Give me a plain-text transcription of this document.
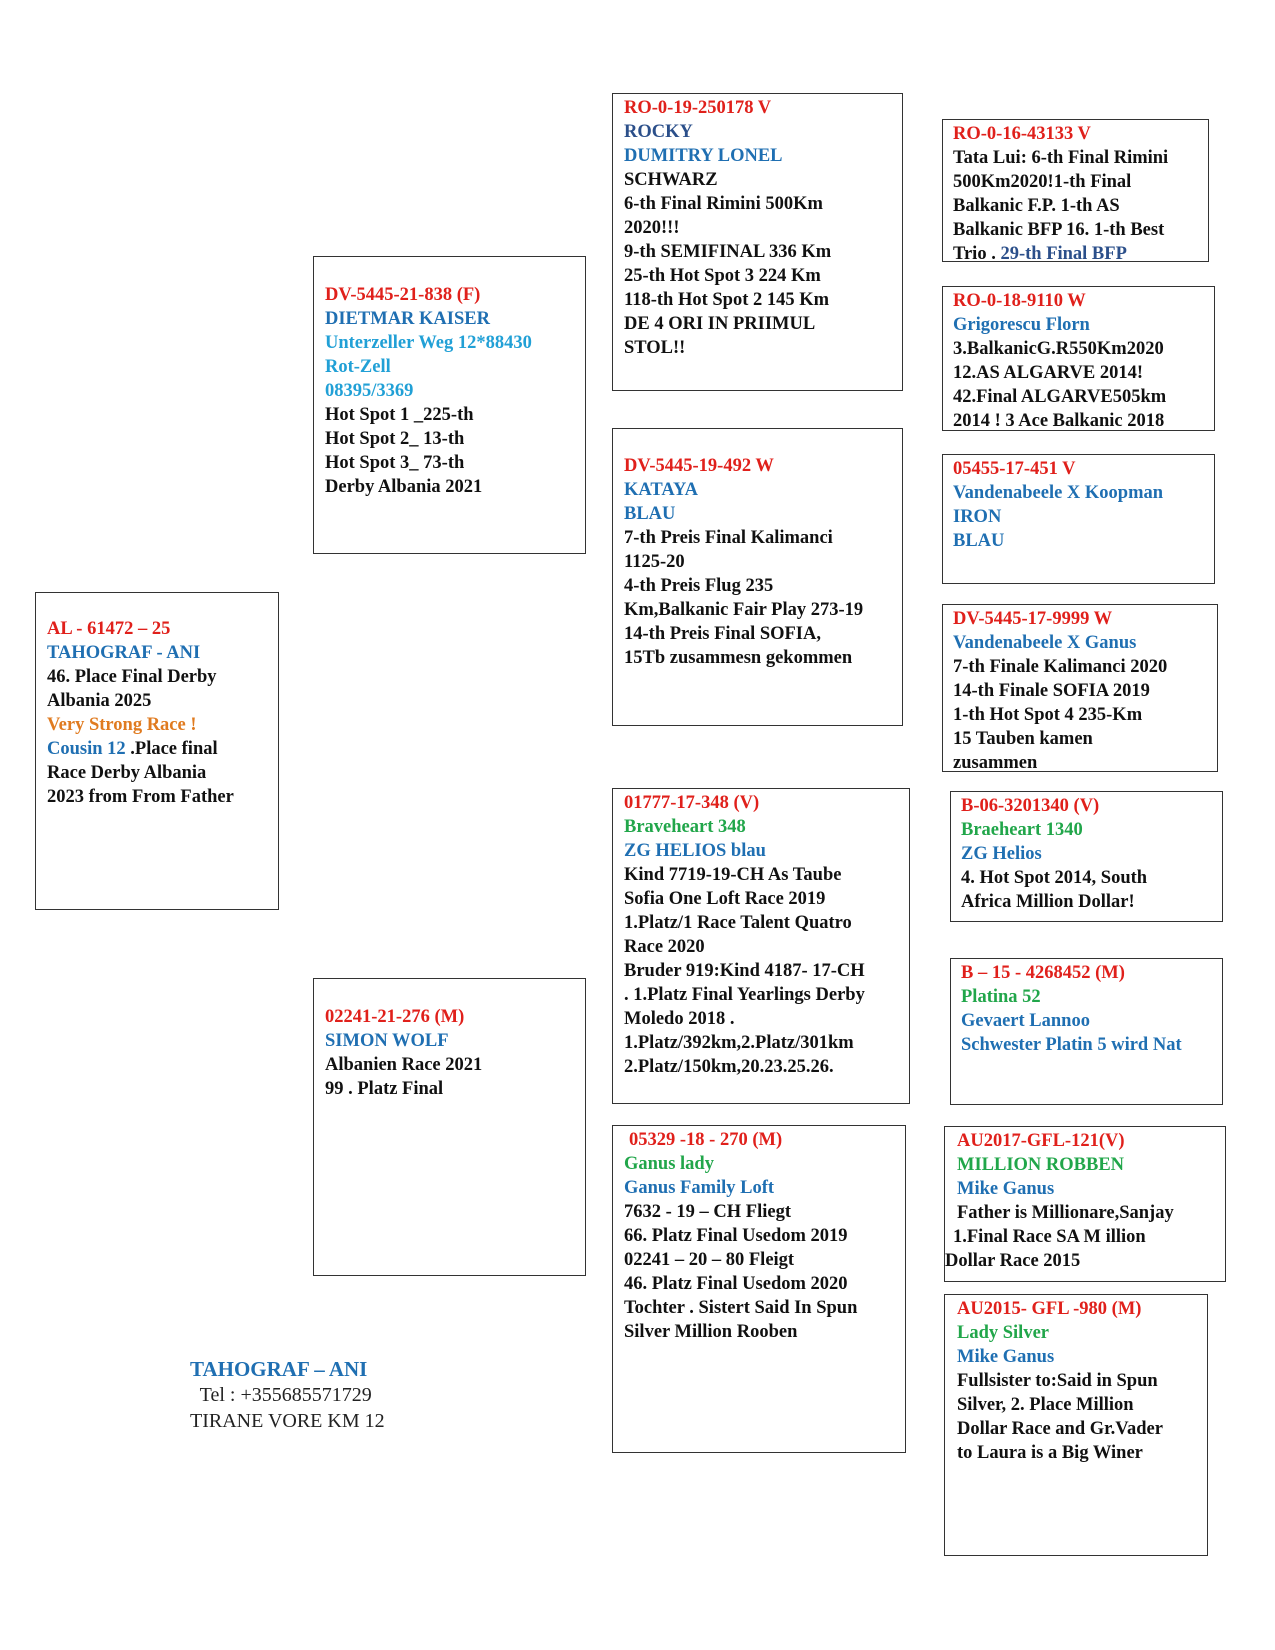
AL - 61472 – 25
TAHOGRAF - ANI
46. Place Final Derby
Albania 2025
Very Strong Race !
Cousin 12 .Place final
Race Derby Albania
2023 from From Father
DV-5445-21-838 (F)
DIETMAR KAISER
Unterzeller Weg 12*88430
Rot-Zell
08395/3369
Hot Spot 1 _225-th
Hot Spot 2_ 13-th
Hot Spot 3_ 73-th
Derby Albania 2021
02241-21-276 (M)
SIMON WOLF
Albanien Race 2021
99 . Platz Final
RO-0-19-250178 V
ROCKY
DUMITRY LONEL
SCHWARZ
6-th Final Rimini 500Km
2020!!!
9-th SEMIFINAL 336 Km
25-th Hot Spot 3 224 Km
118-th Hot Spot 2 145 Km
DE 4 ORI IN PRIIMUL
STOL!!
DV-5445-19-492 W
KATAYA
BLAU
7-th Preis Final Kalimanci
1125-20
4-th Preis Flug 235
Km,Balkanic Fair Play 273-19
14-th Preis Final SOFIA,
15Tb zusammesn gekommen
01777-17-348 (V)
Braveheart 348
ZG HELIOS blau
Kind 7719-19-CH As Taube
Sofia One Loft Race 2019
1.Platz/1 Race Talent Quatro
Race 2020
Bruder 919:Kind 4187- 17-CH
. 1.Platz Final Yearlings Derby
Moledo 2018 .
1.Platz/392km,2.Platz/301km
2.Platz/150km,20.23.25.26.
05329 -18 - 270 (M)
Ganus lady
Ganus Family Loft
7632 - 19 – CH Fliegt
66. Platz Final Usedom 2019
02241 – 20 – 80 Fleigt
46. Platz Final Usedom 2020
Tochter . Sistert Said In Spun
Silver Million Rooben
RO-0-16-43133 V
Tata Lui: 6-th Final Rimini
500Km2020!1-th Final
Balkanic F.P. 1-th AS
Balkanic BFP 16. 1-th Best
Trio . 29-th Final BFP
RO-0-18-9110 W
Grigorescu Florn
3.BalkanicG.R550Km2020
12.AS ALGARVE 2014!
42.Final ALGARVE505km
2014 ! 3 Ace Balkanic 2018
05455-17-451 V
Vandenabeele X Koopman
IRON
BLAU
DV-5445-17-9999 W
Vandenabeele X Ganus
7-th Finale Kalimanci 2020
14-th Finale SOFIA 2019
1-th Hot Spot 4 235-Km
15 Tauben kamen
zusammen
B-06-3201340 (V)
Braeheart 1340
ZG Helios
4. Hot Spot 2014, South
Africa Million Dollar!
B – 15 - 4268452 (M)
Platina 52
Gevaert Lannoo
Schwester Platin 5 wird Nat
AU2017-GFL-121(V)
MILLION ROBBEN
Mike Ganus
Father is Millionare,Sanjay
1.Final Race SA M illion
Dollar Race 2015
AU2015- GFL -980 (M)
Lady Silver
Mike Ganus
Fullsister to:Said in Spun
Silver, 2. Place Million
Dollar Race and Gr.Vader
to Laura is a Big Winer
TAHOGRAF – ANI
Tel : +355685571729
TIRANE VORE KM 12
